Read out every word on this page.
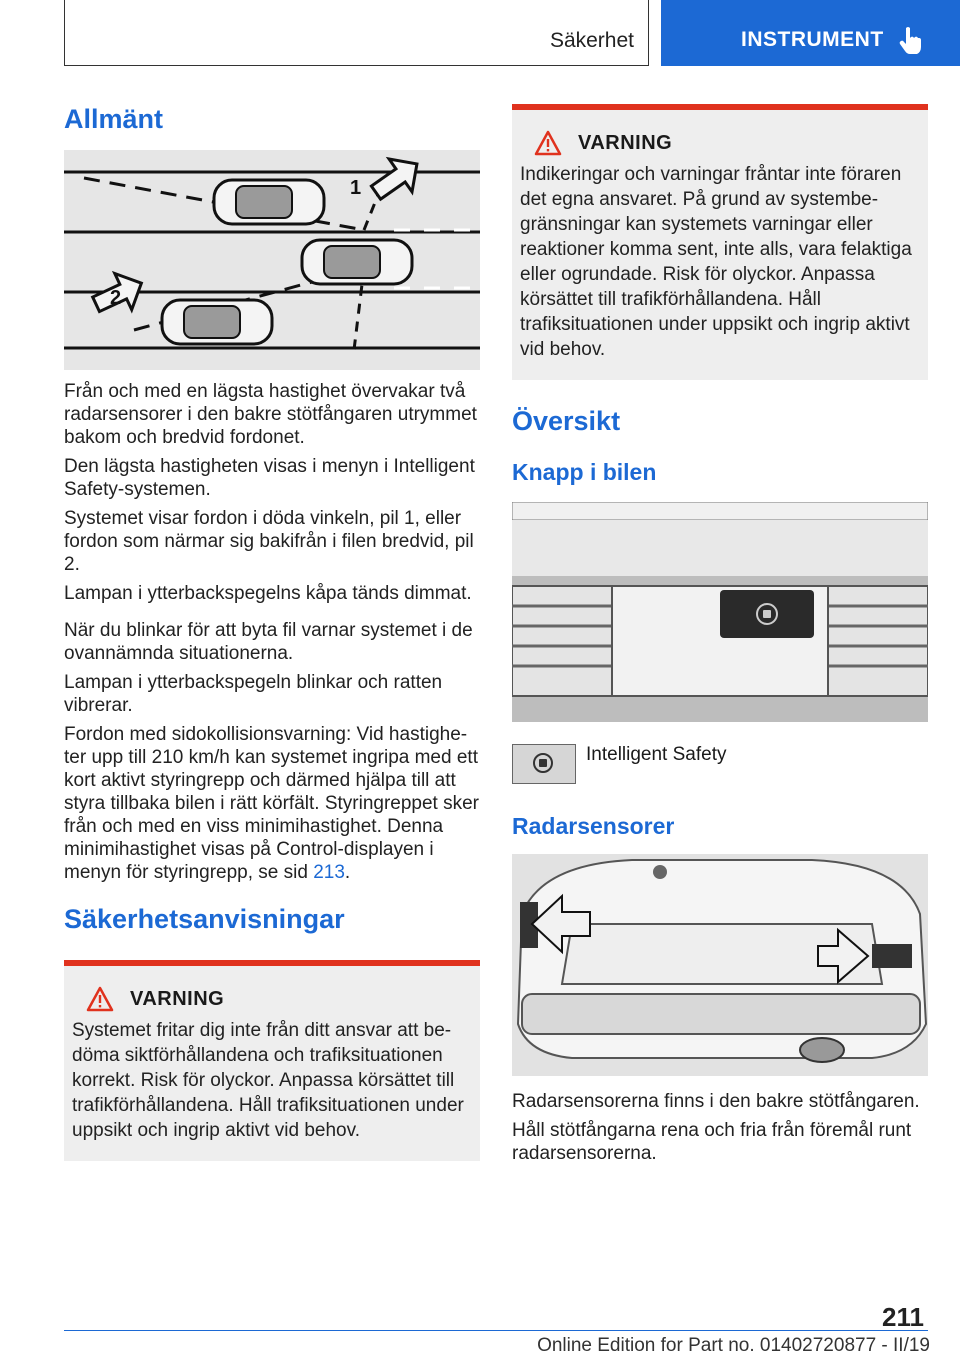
Säkerhet	INSTRUMENT
Allmänt
1
2

Från och med en lägsta hastighet övervakar två radarsensorer i den bakre stötfångaren utrymmet bakom och bredvid fordonet.

Den lägsta hastigheten visas i menyn i Intelligent Safety-systemen.

Systemet visar fordon i döda vinkeln, pil 1, eller fordon som närmar sig bakifrån i filen bredvid, pil 2.

Lampan i ytterbackspegelns kåpa tänds dimmat.

När du blinkar för att byta fil varnar systemet i de ovannämnda situationerna.

Lampan i ytterbackspegeln blinkar och ratten vibrerar.

Fordon med sidokollisionsvarning: Vid hastigheter upp till 210 km/h kan systemet ingripa med ett kort aktivt styringrepp och därmed hjälpa till att styra tillbaka bilen i rätt körfält. Styringreppet sker från och med en viss minimihastighet. Denna minimihastighet visas på Control-displayen i menyn för styringrepp, se sid 213.

Säkerhetsanvisningar
VARNING

Systemet fritar dig inte från ditt ansvar att bedöma siktförhållandena och trafiksituationen korrekt. Risk för olyckor. Anpassa körsättet till trafikförhållandena. Håll trafiksituationen under uppsikt och ingrip aktivt vid behov.

VARNING

Indikeringar och varningar fråntar inte föraren det egna ansvaret. På grund av systembegränsningar kan systemets varningar eller reaktioner komma sent, inte alls, vara felaktiga eller ogrundade. Risk för olyckor. Anpassa körsättet till trafikförhållandena. Håll trafiksituationen under uppsikt och ingrip aktivt vid behov.

Översikt
Knapp i bilen
Intelligent Safety
Radarsensorer

Radarsensorerna finns i den bakre stötfångaren.

Håll stötfångarna rena och fria från föremål runt radarsensorerna.

211
Online Edition for Part no. 01402720877 - II/19
